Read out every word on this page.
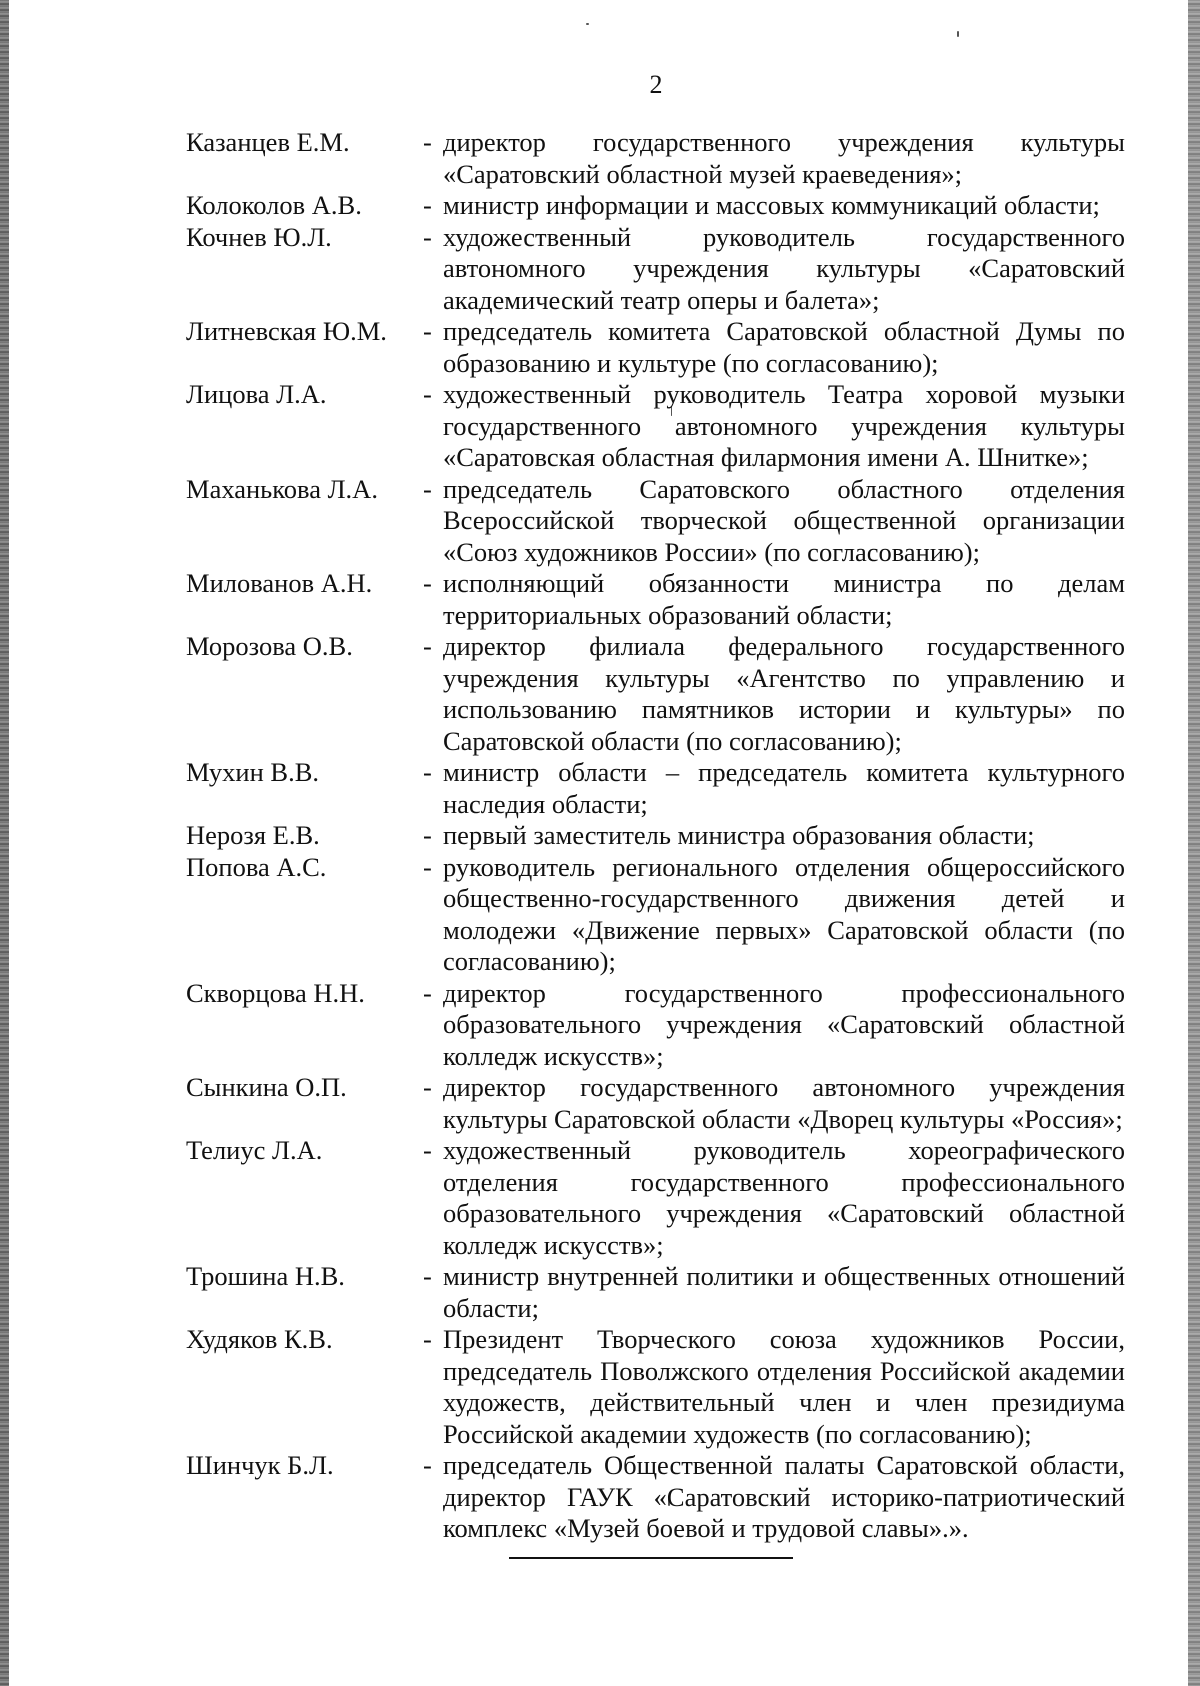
2
Казанцев Е.М.	- директор государственного учреждения культуры «Саратовский областной музей краеведения»;
Колоколов А.В.	- министр информации и массовых коммуникаций области;
Кочнев Ю.Л.	- художественный руководитель государственного автономного учреждения культуры «Саратовский академический театр оперы и балета»;
Литневская Ю.М.	- председатель комитета Саратовской областной Думы по образованию и культуре (по согласованию);
Лицова Л.А.	- художественный руководитель Театра хоровой музыки государственного автономного учреждения культуры «Саратовская областная филармония имени А. Шнитке»;
Маханькова Л.А.	- председатель Саратовского областного отделения Всероссийской творческой общественной организации «Союз художников России» (по согласованию);
Милованов А.Н.	- исполняющий обязанности министра по делам территориальных образований области;
Морозова О.В.	- директор филиала федерального государственного учреждения культуры «Агентство по управлению и использованию памятников истории и культуры» по Саратовской области (по согласованию);
Мухин В.В.	- министр области – председатель комитета культурного наследия области;
Нерозя Е.В.	- первый заместитель министра образования области;
Попова А.С.	- руководитель регионального отделения общероссийского общественно-государственного движения детей и молодежи «Движение первых» Саратовской области (по согласованию);
Скворцова Н.Н.	- директор государственного профессионального образовательного учреждения «Саратовский областной колледж искусств»;
Сынкина О.П.	- директор государственного автономного учреждения культуры Саратовской области «Дворец культуры «Россия»;
Телиус Л.А.	- художественный руководитель хореографического отделения государственного профессионального образовательного учреждения «Саратовский областной колледж искусств»;
Трошина Н.В.	- министр внутренней политики и общественных отношений области;
Худяков К.В.	- Президент Творческого союза художников России, председатель Поволжского отделения Российской академии художеств, действительный член и член президиума Российской академии художеств (по согласованию);
Шинчук Б.Л.	- председатель Общественной палаты Саратовской области, директор ГАУК «Саратовский историко-патриотический комплекс «Музей боевой и трудовой славы».».
